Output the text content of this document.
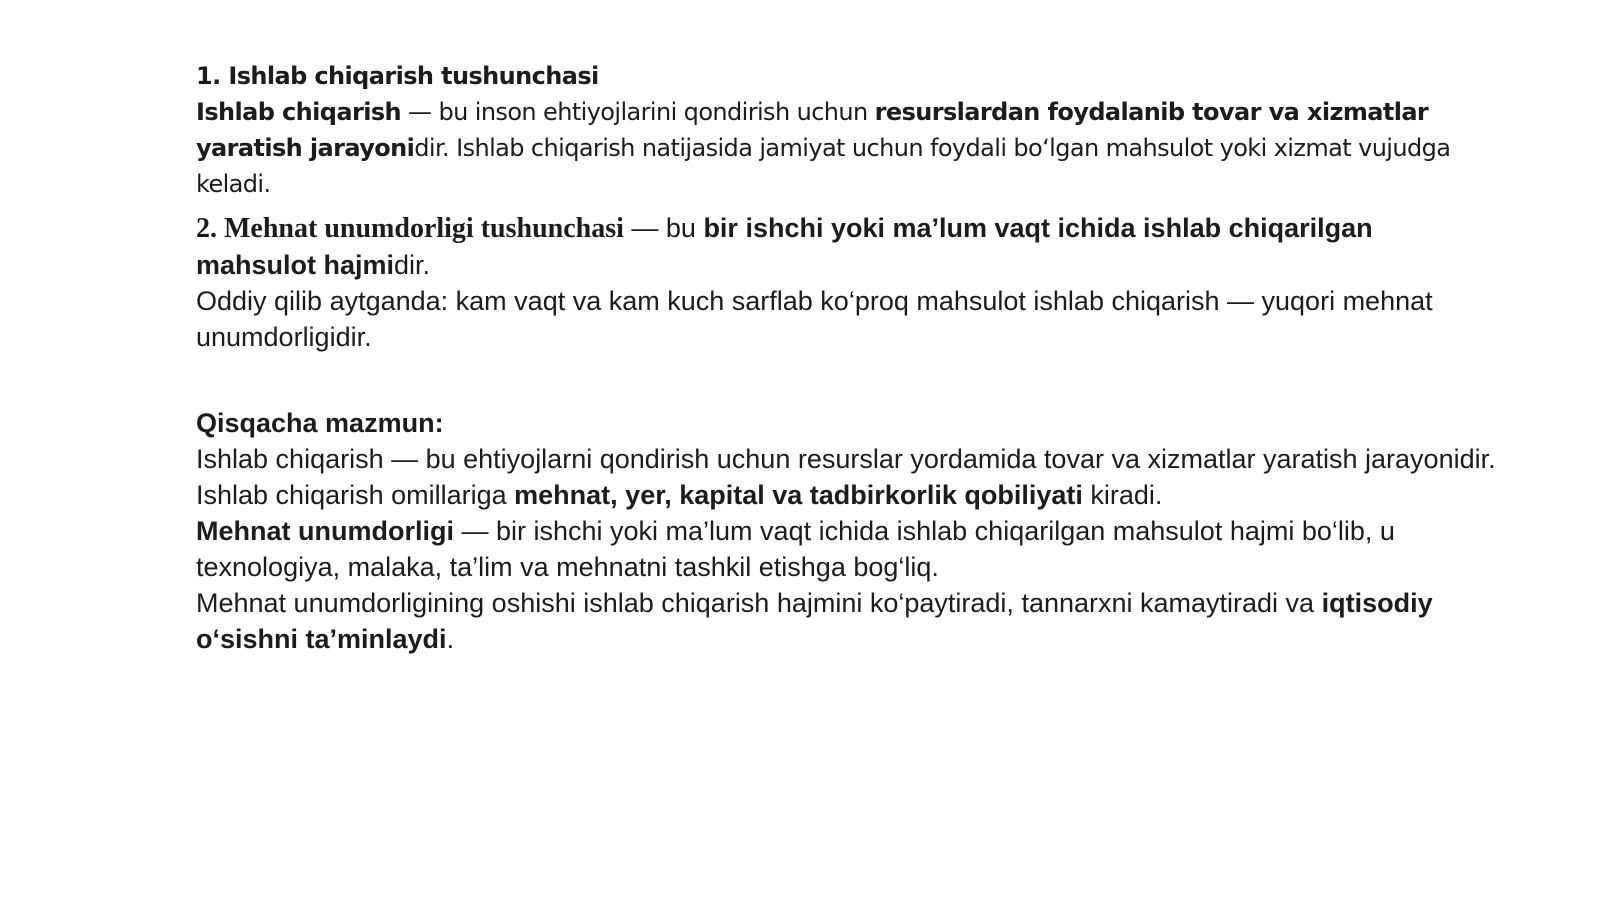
1. Ishlab chiqarish tushunchasi

Ishlab chiqarish — bu inson ehtiyojlarini qondirish uchun resurslardan foydalanib tovar va xizmatlar yaratish jarayonidir. Ishlab chiqarish natijasida jamiyat uchun foydali bo‘lgan mahsulot yoki xizmat vujudga keladi.

2. Mehnat unumdorligi tushunchasi — bu bir ishchi yoki ma’lum vaqt ichida ishlab chiqarilgan mahsulot hajmidir.

Oddiy qilib aytganda: kam vaqt va kam kuch sarflab ko‘proq mahsulot ishlab chiqarish — yuqori mehnat unumdorligidir.

Qisqacha mazmun:

Ishlab chiqarish — bu ehtiyojlarni qondirish uchun resurslar yordamida tovar va xizmatlar yaratish jarayonidir. Ishlab chiqarish omillariga mehnat, yer, kapital va tadbirkorlik qobiliyati kiradi.

Mehnat unumdorligi — bir ishchi yoki ma’lum vaqt ichida ishlab chiqarilgan mahsulot hajmi bo‘lib, u texnologiya, malaka, ta’lim va mehnatni tashkil etishga bog‘liq.

Mehnat unumdorligining oshishi ishlab chiqarish hajmini ko‘paytiradi, tannarxni kamaytiradi va iqtisodiy o‘sishni ta’minlaydi.
